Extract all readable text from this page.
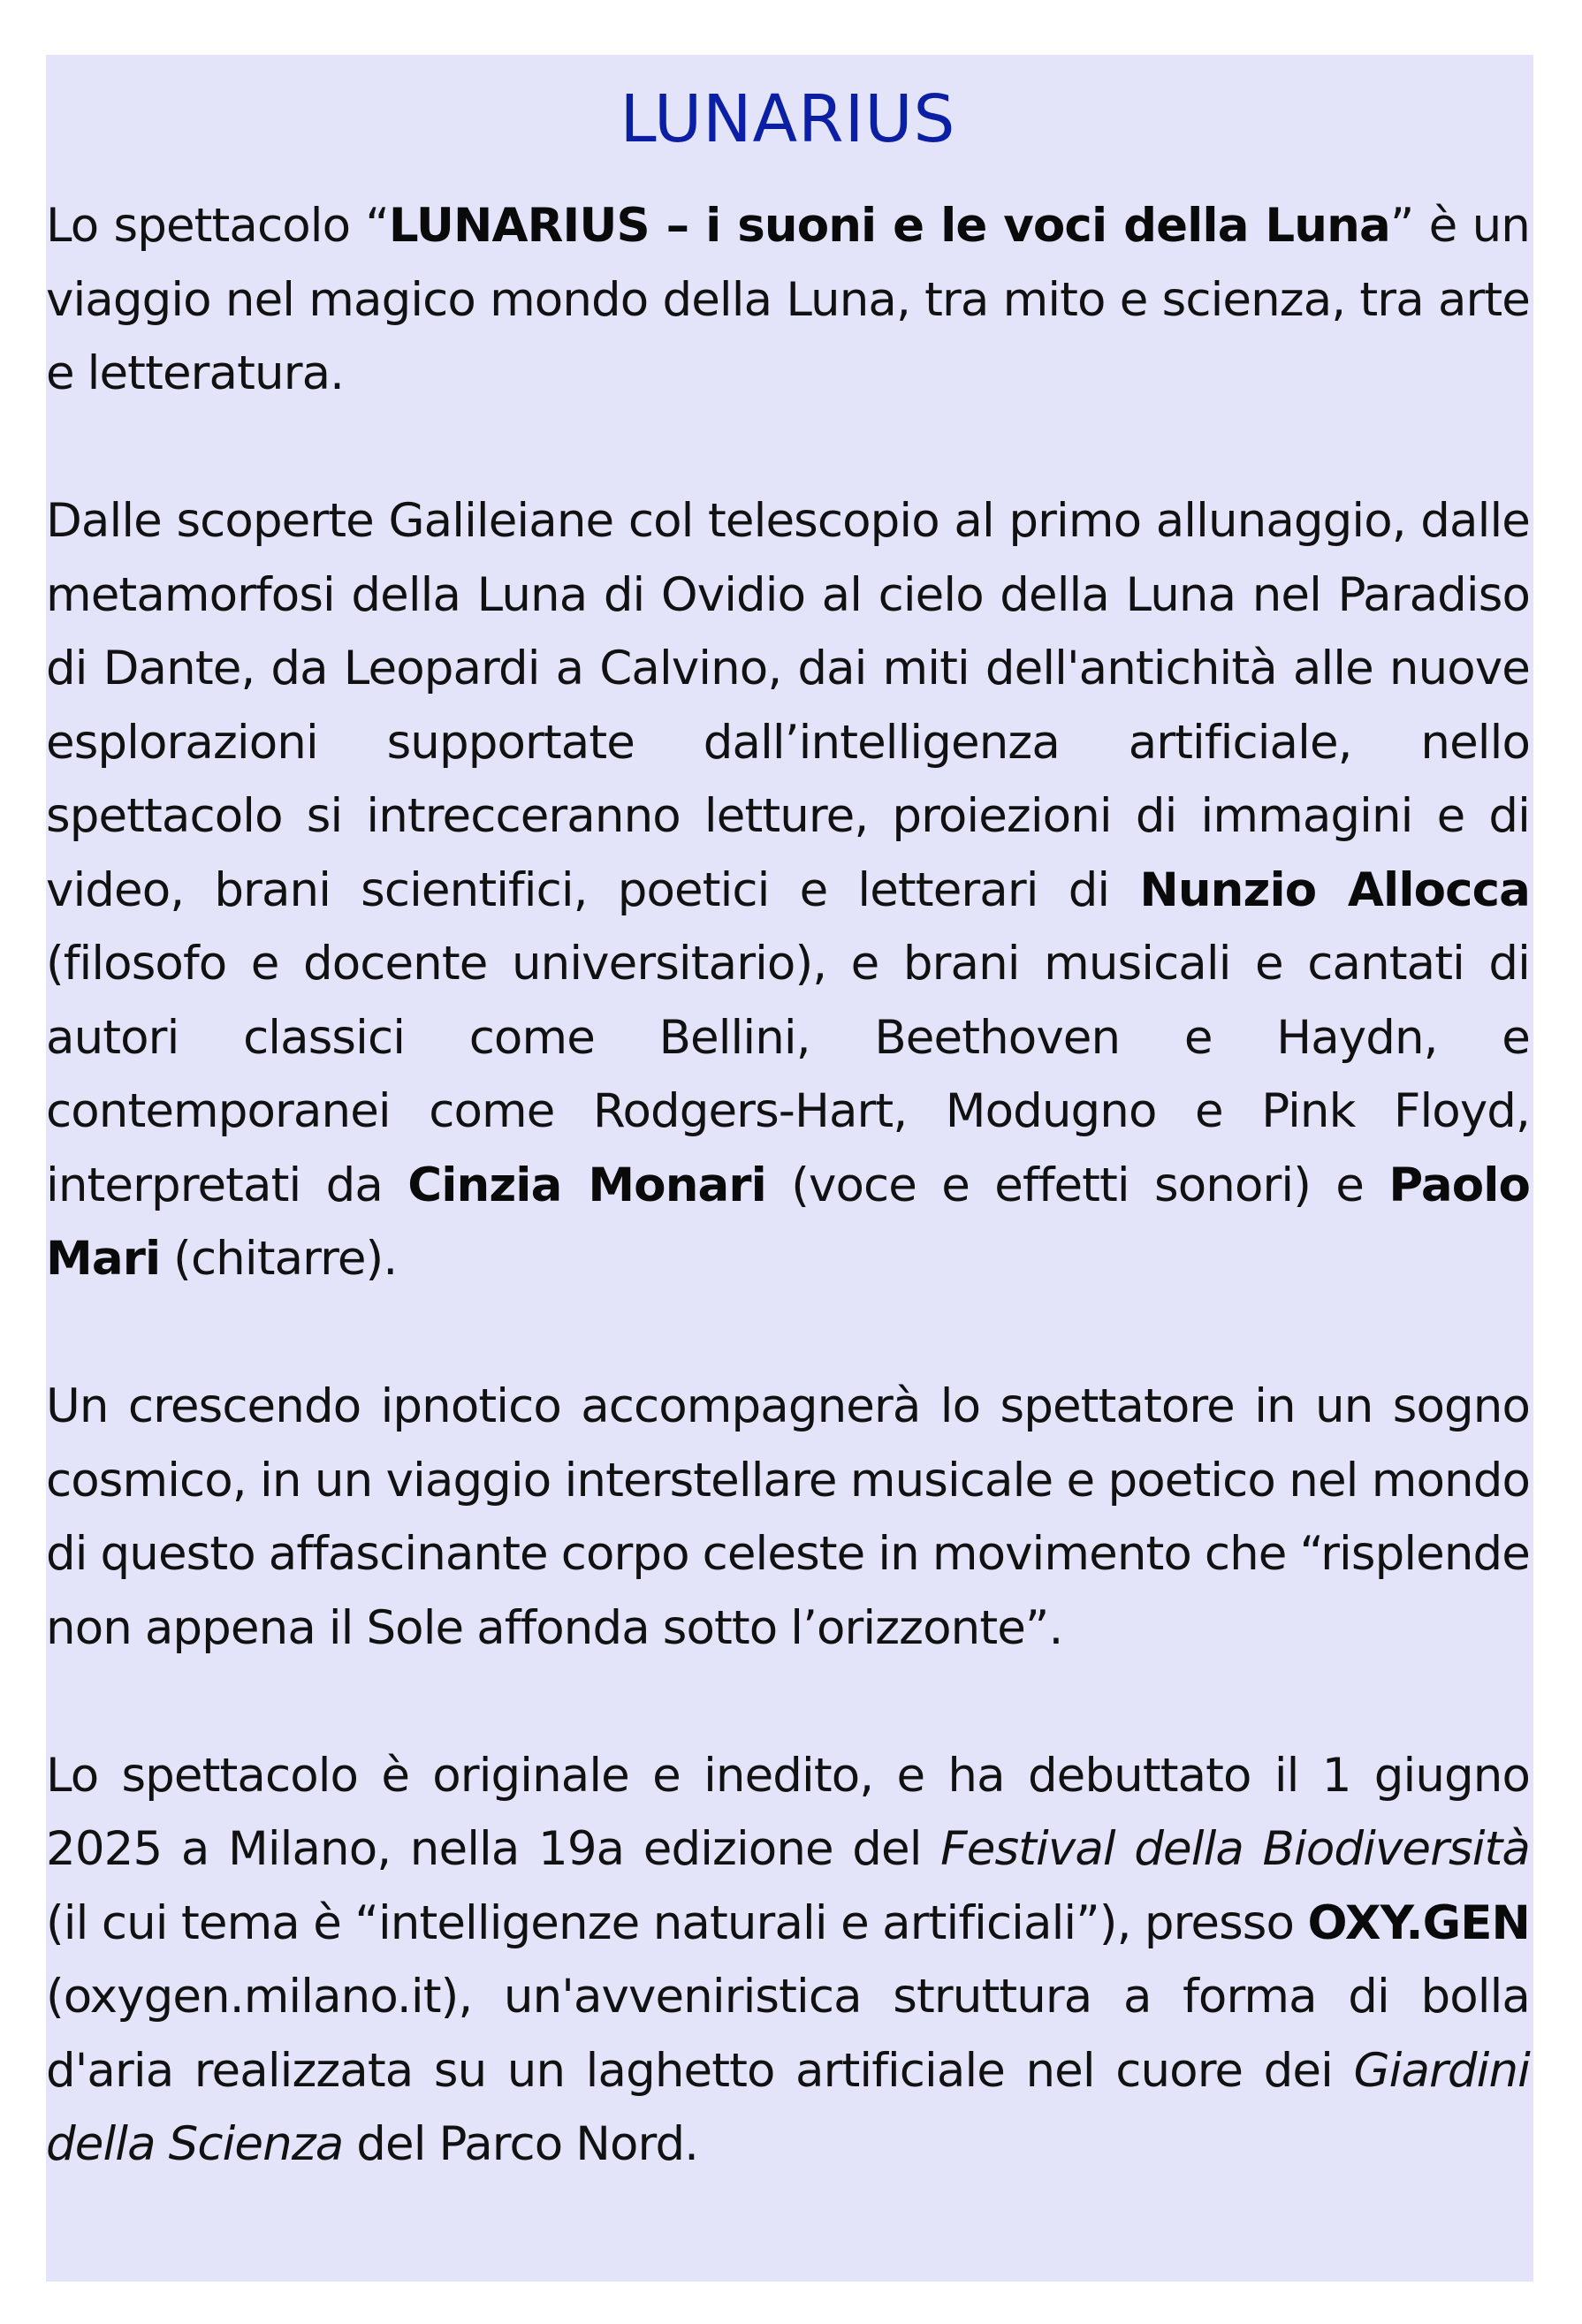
LUNARIUS

Lo spettacolo “LUNARIUS – i suoni e le voci della Luna” è un viaggio nel magico mondo della Luna, tra mito e scienza, tra arte e letteratura.

Dalle scoperte Galileiane col telescopio al primo allunaggio, dalle metamorfosi della Luna di Ovidio al cielo della Luna nel Paradiso di Dante, da Leopardi a Calvino, dai miti dell'antichità alle nuove esplorazioni supportate dall’intelligenza artificiale, nello spettacolo si intrecceranno letture, proiezioni di immagini e di video, brani scientifici, poetici e letterari di Nunzio Allocca (filosofo e docente universitario), e brani musicali e cantati di autori classici come Bellini, Beethoven e Haydn, e contemporanei come Rodgers-Hart, Modugno e Pink Floyd, interpretati da Cinzia Monari (voce e effetti sonori) e Paolo Mari (chitarre).

Un crescendo ipnotico accompagnerà lo spettatore in un sogno cosmico, in un viaggio interstellare musicale e poetico nel mondo di questo affascinante corpo celeste in movimento che “risplende non appena il Sole affonda sotto l’orizzonte”.

Lo spettacolo è originale e inedito, e ha debuttato il 1 giugno 2025 a Milano, nella 19a edizione del Festival della Biodiversità (il cui tema è “intelligenze naturali e artificiali”), presso OXY.GEN (oxygen.milano.it), un'avveniristica struttura a forma di bolla d'aria realizzata su un laghetto artificiale nel cuore dei Giardini della Scienza del Parco Nord.
